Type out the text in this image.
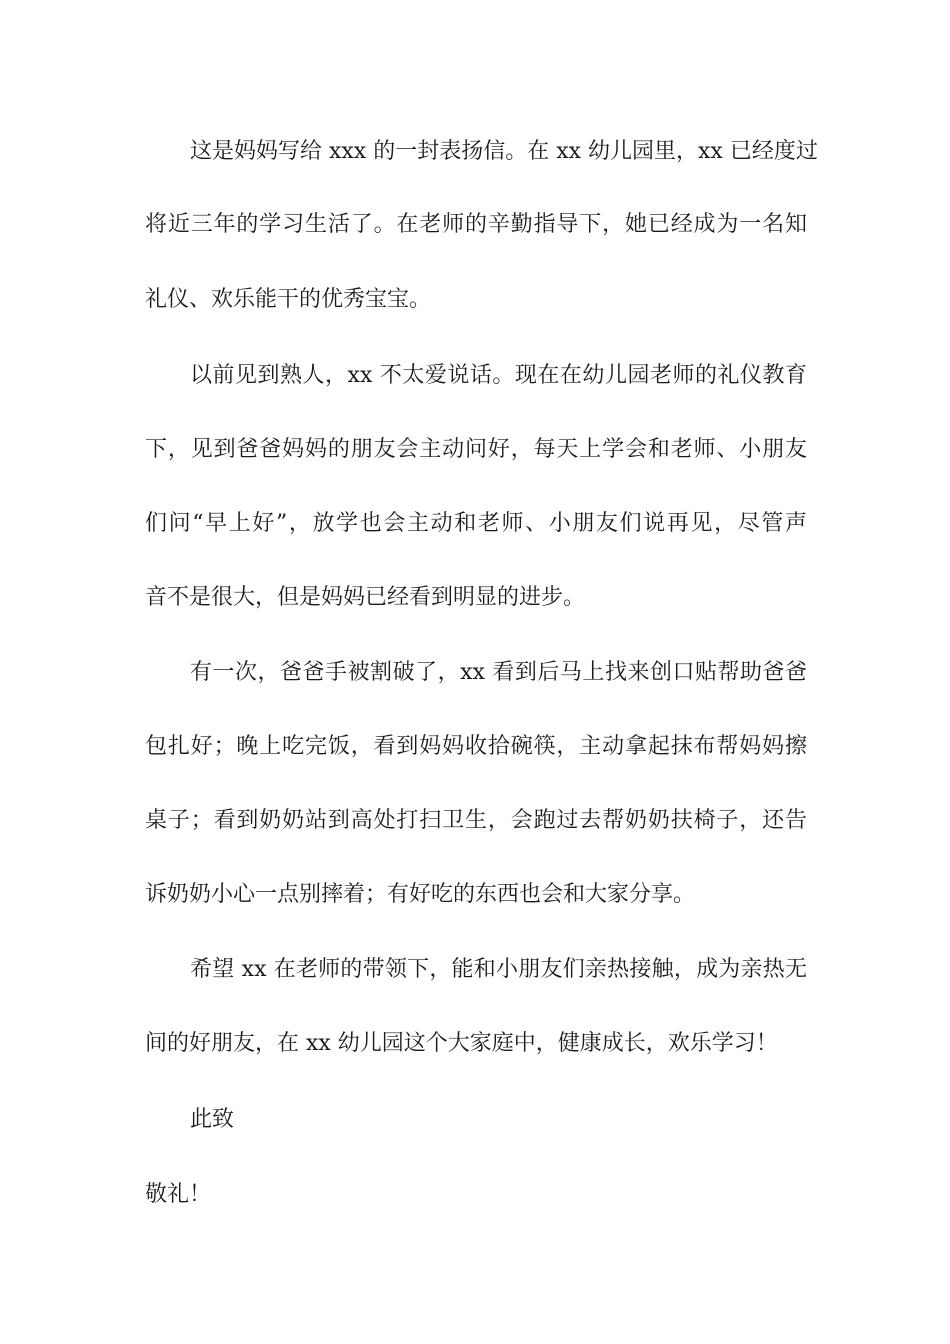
这是妈妈写给 xxx 的一封表扬信。在 xx 幼儿园里，xx 已经度过
将近三年的学习生活了。在老师的辛勤指导下，她已经成为一名知
礼仪、欢乐能干的优秀宝宝。
以前见到熟人，xx 不太爱说话。现在在幼儿园老师的礼仪教育
下，见到爸爸妈妈的朋友会主动问好，每天上学会和老师、小朋友
们问“早上好”，放学也会主动和老师、小朋友们说再见，尽管声
音不是很大，但是妈妈已经看到明显的进步。
有一次，爸爸手被割破了，xx 看到后马上找来创口贴帮助爸爸
包扎好；晚上吃完饭，看到妈妈收拾碗筷，主动拿起抹布帮妈妈擦
桌子；看到奶奶站到高处打扫卫生，会跑过去帮奶奶扶椅子，还告
诉奶奶小心一点别摔着；有好吃的东西也会和大家分享。
希望 xx 在老师的带领下，能和小朋友们亲热接触，成为亲热无
间的好朋友，在 xx 幼儿园这个大家庭中，健康成长，欢乐学习！
此致
敬礼！
